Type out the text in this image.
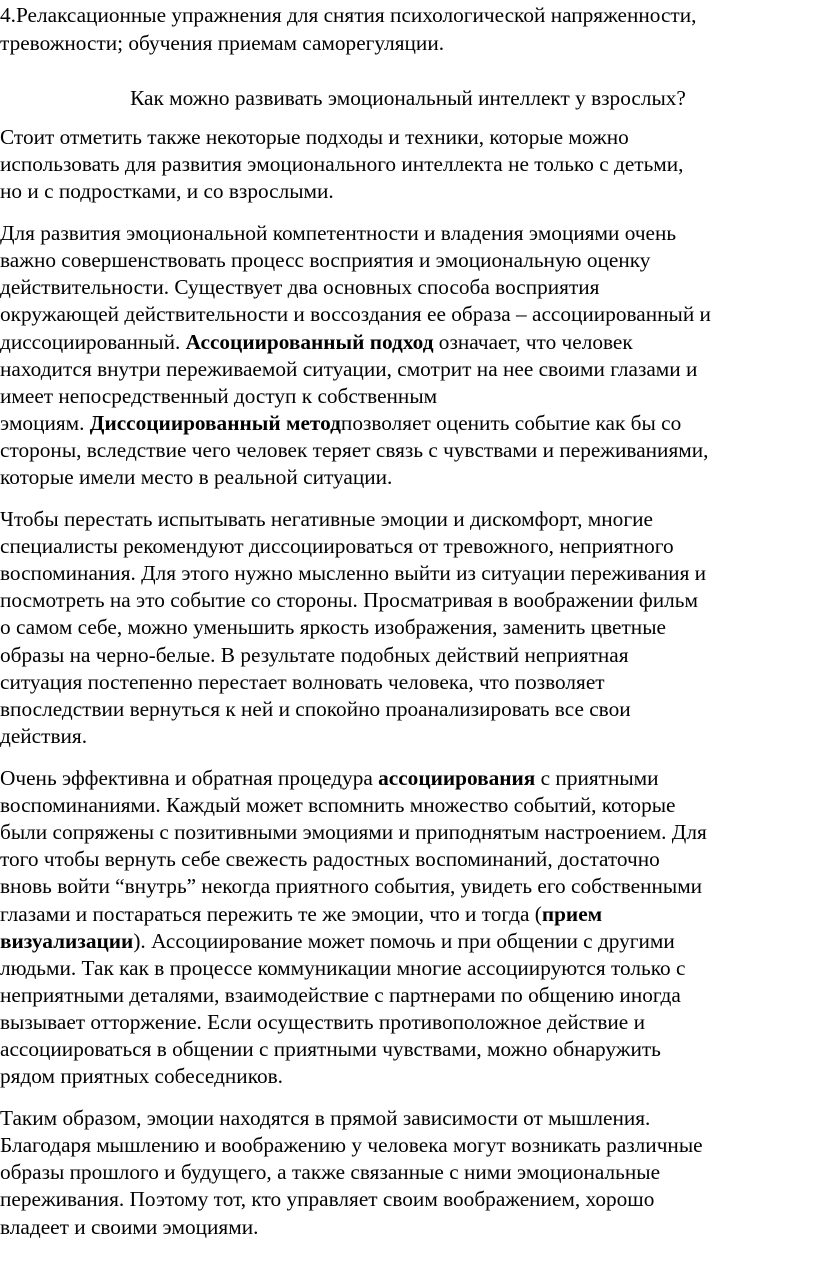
4.Релаксационные упражнения для снятия психологической напряженности,
тревожности; обучения приемам саморегуляции.
Как можно развивать эмоциональный интеллект у взрослых?
Стоит отметить также некоторые подходы и техники, которые можно
использовать для развития эмоционального интеллекта не только с детьми,
но и с подростками, и со взрослыми.
Для развития эмоциональной компетентности и владения эмоциями очень
важно совершенствовать процесс восприятия и эмоциональную оценку
действительности. Существует два основных способа восприятия
окружающей действительности и воссоздания ее образа – ассоциированный и
диссоциированный. Ассоциированный подход означает, что человек
находится внутри переживаемой ситуации, смотрит на нее своими глазами и
имеет непосредственный доступ к собственным
эмоциям. Диссоциированный методпозволяет оценить событие как бы со
стороны, вследствие чего человек теряет связь с чувствами и переживаниями,
которые имели место в реальной ситуации.
Чтобы перестать испытывать негативные эмоции и дискомфорт, многие
специалисты рекомендуют диссоциироваться от тревожного, неприятного
воспоминания. Для этого нужно мысленно выйти из ситуации переживания и
посмотреть на это событие со стороны. Просматривая в воображении фильм
о самом себе, можно уменьшить яркость изображения, заменить цветные
образы на черно-белые. В результате подобных действий неприятная
ситуация постепенно перестает волновать человека, что позволяет
впоследствии вернуться к ней и спокойно проанализировать все свои
действия.
Очень эффективна и обратная процедура ассоциирования с приятными
воспоминаниями. Каждый может вспомнить множество событий, которые
были сопряжены с позитивными эмоциями и приподнятым настроением. Для
того чтобы вернуть себе свежесть радостных воспоминаний, достаточно
вновь войти “внутрь” некогда приятного события, увидеть его собственными
глазами и постараться пережить те же эмоции, что и тогда (прием
визуализации). Ассоциирование может помочь и при общении с другими
людьми. Так как в процессе коммуникации многие ассоциируются только с
неприятными деталями, взаимодействие с партнерами по общению иногда
вызывает отторжение. Если осуществить противоположное действие и
ассоциироваться в общении с приятными чувствами, можно обнаружить
рядом приятных собеседников.
Таким образом, эмоции находятся в прямой зависимости от мышления.
Благодаря мышлению и воображению у человека могут возникать различные
образы прошлого и будущего, а также связанные с ними эмоциональные
переживания. Поэтому тот, кто управляет своим воображением, хорошо
владеет и своими эмоциями.
